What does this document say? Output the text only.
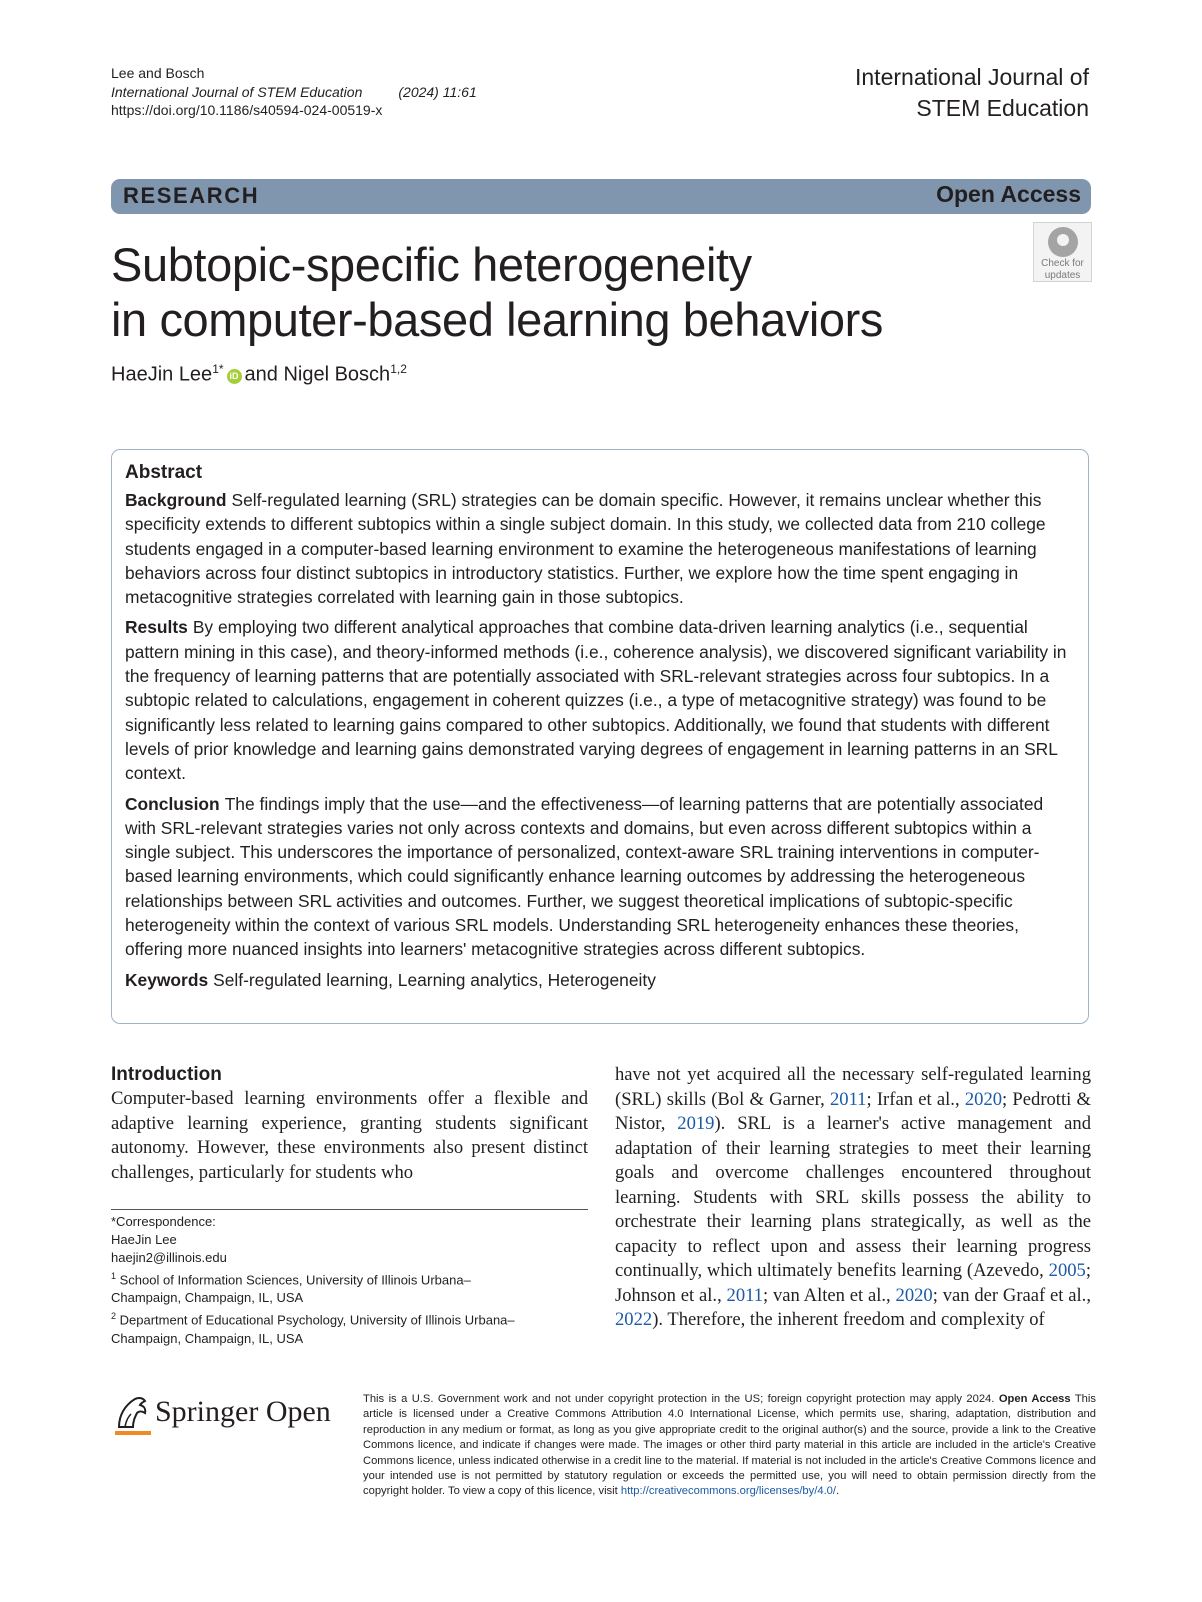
Lee and Bosch
International Journal of STEM Education	(2024) 11:61
https://doi.org/10.1186/s40594-024-00519-x
International Journal of
STEM Education
RESEARCH	Open Access
Subtopic-specific heterogeneity
in computer-based learning behaviors
Check for
updates
HaeJin Lee$^{1*}$ iD and Nigel Bosch$^{1,2}$
Abstract

Background Self-regulated learning (SRL) strategies can be domain specific. However, it remains unclear whether this specificity extends to different subtopics within a single subject domain. In this study, we collected data from 210 college students engaged in a computer-based learning environment to examine the heterogeneous manifestations of learning behaviors across four distinct subtopics in introductory statistics. Further, we explore how the time spent engaging in metacognitive strategies correlated with learning gain in those subtopics.

Results By employing two different analytical approaches that combine data-driven learning analytics (i.e., sequential pattern mining in this case), and theory-informed methods (i.e., coherence analysis), we discovered significant variability in the frequency of learning patterns that are potentially associated with SRL-relevant strategies across four subtopics. In a subtopic related to calculations, engagement in coherent quizzes (i.e., a type of metacognitive strategy) was found to be significantly less related to learning gains compared to other subtopics. Additionally, we found that students with different levels of prior knowledge and learning gains demonstrated varying degrees of engagement in learning patterns in an SRL context.

Conclusion The findings imply that the use—and the effectiveness—of learning patterns that are potentially associated with SRL-relevant strategies varies not only across contexts and domains, but even across different subtopics within a single subject. This underscores the importance of personalized, context-aware SRL training interventions in computer-based learning environments, which could significantly enhance learning outcomes by addressing the heterogeneous relationships between SRL activities and outcomes. Further, we suggest theoretical implications of subtopic-specific heterogeneity within the context of various SRL models. Understanding SRL heterogeneity enhances these theories, offering more nuanced insights into learners' metacognitive strategies across different subtopics.

Keywords Self-regulated learning, Learning analytics, Heterogeneity

Introduction

Computer-based learning environments offer a flexible and adaptive learning experience, granting students significant autonomy. However, these environments also present distinct challenges, particularly for students who

have not yet acquired all the necessary self-regulated learning (SRL) skills (Bol & Garner, 2011; Irfan et al., 2020; Pedrotti & Nistor, 2019). SRL is a learner's active management and adaptation of their learning strategies to meet their learning goals and overcome challenges encountered throughout learning. Students with SRL skills possess the ability to orchestrate their learning plans strategically, as well as the capacity to reflect upon and assess their learning progress continually, which ultimately benefits learning (Azevedo, 2005; Johnson et al., 2011; van Alten et al., 2020; van der Graaf et al., 2022). Therefore, the inherent freedom and complexity of

*Correspondence:
HaeJin Lee
haejin2@illinois.edu
$^1$ School of Information Sciences, University of Illinois Urbana–
Champaign, Champaign, IL, USA
$^2$ Department of Educational Psychology, University of Illinois Urbana–
Champaign, Champaign, IL, USA
Springer Open	This is a U.S. Government work and not under copyright protection in the US; foreign copyright protection may apply 2024. Open Access This article is licensed under a Creative Commons Attribution 4.0 International License, which permits use, sharing, adaptation, distribution and reproduction in any medium or format, as long as you give appropriate credit to the original author(s) and the source, provide a link to the Creative Commons licence, and indicate if changes were made. The images or other third party material in this article are included in the article's Creative Commons licence, unless indicated otherwise in a credit line to the material. If material is not included in the article's Creative Commons licence and your intended use is not permitted by statutory regulation or exceeds the permitted use, you will need to obtain permission directly from the copyright holder. To view a copy of this licence, visit http://creativecommons.org/licenses/by/4.0/.
